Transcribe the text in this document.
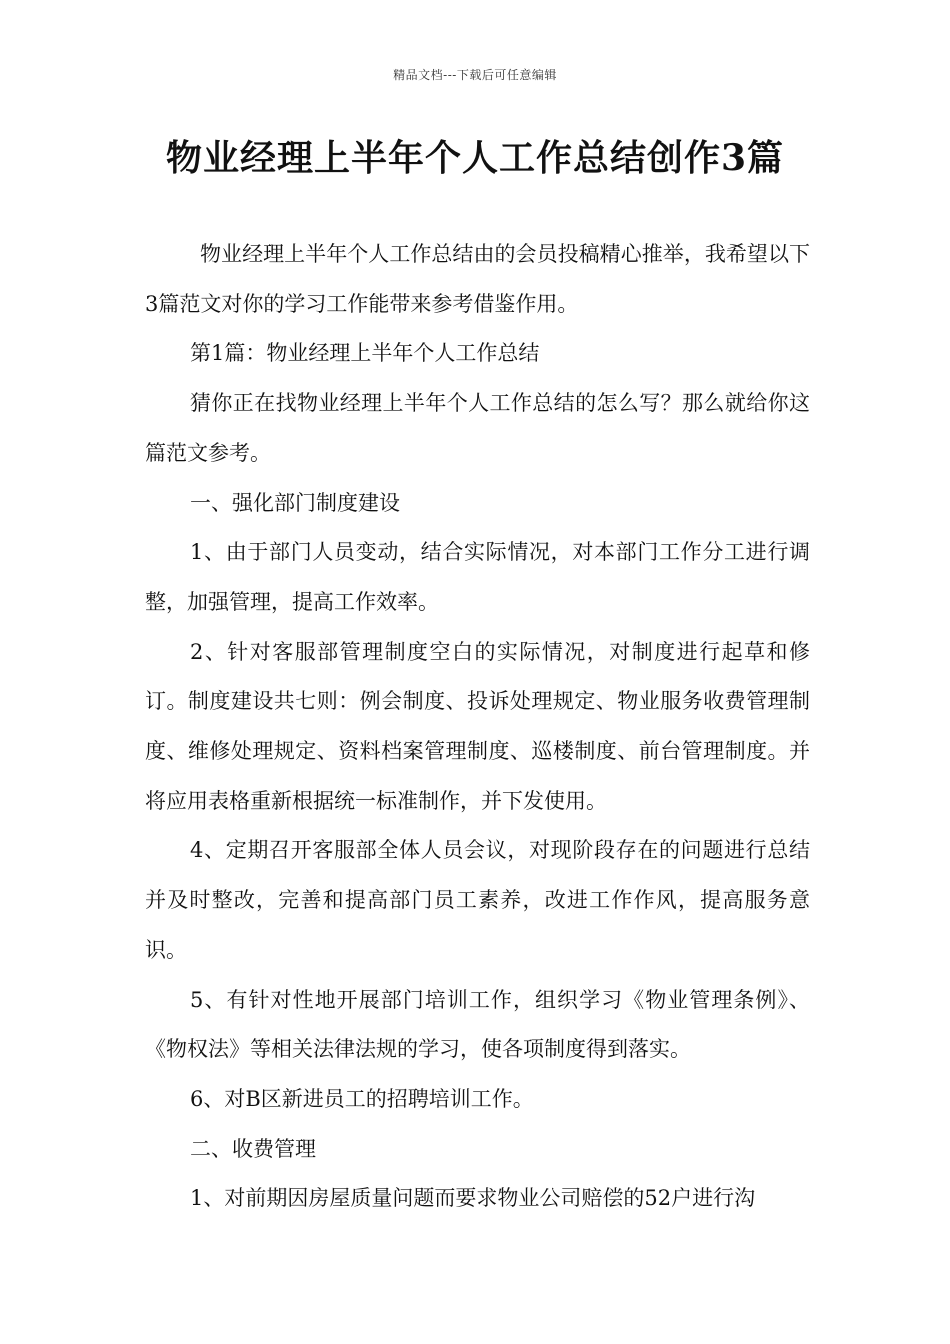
精品文档---下载后可任意编辑
物业经理上半年个人工作总结创作3篇

物业经理上半年个人工作总结由的会员投稿精心推举，我希望以下3篇范文对你的学习工作能带来参考借鉴作用。

第1篇：物业经理上半年个人工作总结

猜你正在找物业经理上半年个人工作总结的怎么写？那么就给你这篇范文参考。

一、强化部门制度建设

1、由于部门人员变动，结合实际情况，对本部门工作分工进行调整，加强管理，提高工作效率。

2、针对客服部管理制度空白的实际情况，对制度进行起草和修订。制度建设共七则：例会制度、投诉处理规定、物业服务收费管理制度、维修处理规定、资料档案管理制度、巡楼制度、前台管理制度。并将应用表格重新根据统一标准制作，并下发使用。

4、定期召开客服部全体人员会议，对现阶段存在的问题进行总结并及时整改，完善和提高部门员工素养，改进工作作风，提高服务意识。

5、有针对性地开展部门培训工作，组织学习《物业管理条例》、《物权法》等相关法律法规的学习，使各项制度得到落实。

6、对B区新进员工的招聘培训工作。

二、收费管理

1、对前期因房屋质量问题而要求物业公司赔偿的52户进行沟
